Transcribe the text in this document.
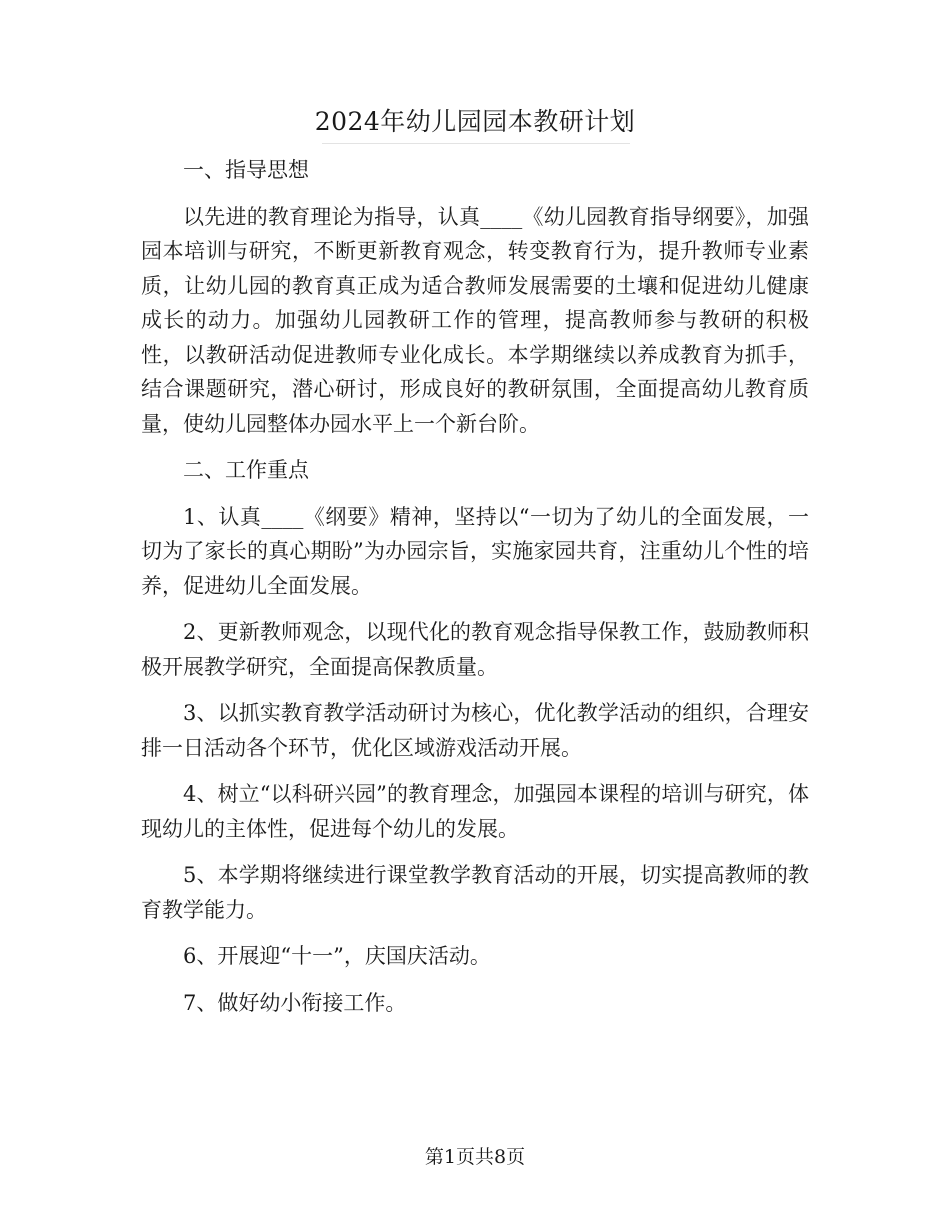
2024年幼儿园园本教研计划

一、指导思想

以先进的教育理论为指导，认真____《幼儿园教育指导纲要》，加强园本培训与研究，不断更新教育观念，转变教育行为，提升教师专业素质，让幼儿园的教育真正成为适合教师发展需要的土壤和促进幼儿健康成长的动力。加强幼儿园教研工作的管理，提高教师参与教研的积极性，以教研活动促进教师专业化成长。本学期继续以养成教育为抓手，结合课题研究，潜心研讨，形成良好的教研氛围，全面提高幼儿教育质量，使幼儿园整体办园水平上一个新台阶。

二、工作重点

1、认真____《纲要》精神，坚持以“一切为了幼儿的全面发展，一切为了家长的真心期盼”为办园宗旨，实施家园共育，注重幼儿个性的培养，促进幼儿全面发展。

2、更新教师观念，以现代化的教育观念指导保教工作，鼓励教师积极开展教学研究，全面提高保教质量。

3、以抓实教育教学活动研讨为核心，优化教学活动的组织，合理安排一日活动各个环节，优化区域游戏活动开展。

4、树立“以科研兴园”的教育理念，加强园本课程的培训与研究，体现幼儿的主体性，促进每个幼儿的发展。

5、本学期将继续进行课堂教学教育活动的开展，切实提高教师的教育教学能力。

6、开展迎“十一”，庆国庆活动。

7、做好幼小衔接工作。

第1页共8页
